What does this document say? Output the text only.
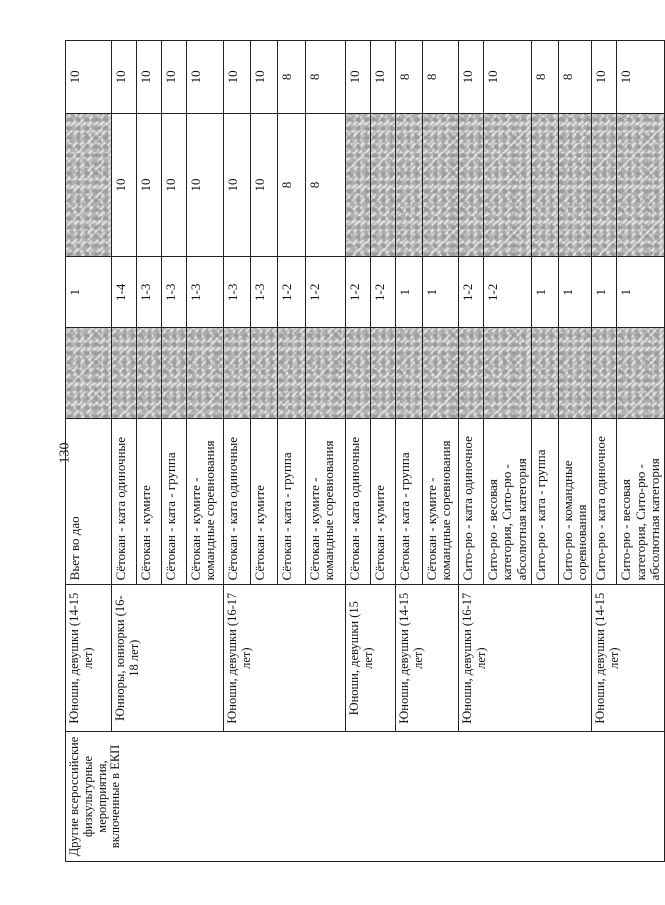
130
Другие всероссийские физкультурные мероприятия, включенные в ЕКП	Юноши, девушки (14-15 лет)	Вьет во дао		1		10
	Юниоры, юниорки (16-18 лет)	Сётокан - ката одиночные		1-4	10	10
		Сётокан - кумите		1-3	10	10
		Сётокан - ката - группа		1-3	10	10
		Сётокан - кумите - командные соревнования		1-3	10	10
	Юноши, девушки (16-17 лет)	Сётокан - ката одиночные		1-3	10	10
		Сётокан - кумите		1-3	10	10
		Сётокан - ката - группа		1-2	8	8
		Сётокан - кумите - командные соревнования		1-2	8	8
	Юноши, девушки (15 лет)	Сётокан - ката одиночные		1-2		10
		Сётокан - кумите		1-2		10
	Юноши, девушки (14-15 лет)	Сётокан - ката - группа		1		8
		Сётокан - кумите - командные соревнования		1		8
	Юноши, девушки (16-17 лет)	Сито-рю - ката одиночное		1-2		10
		Сито-рю - весовая категория, Сито-рю - абсолютная категория		1-2		10
		Сито-рю - ката - группа		1		8
		Сито-рю - командные соревнования		1		8
	Юноши, девушки (14-15 лет)	Сито-рю - ката одиночное		1		10
		Сито-рю - весовая категория, Сито-рю - абсолютная категория		1		10
